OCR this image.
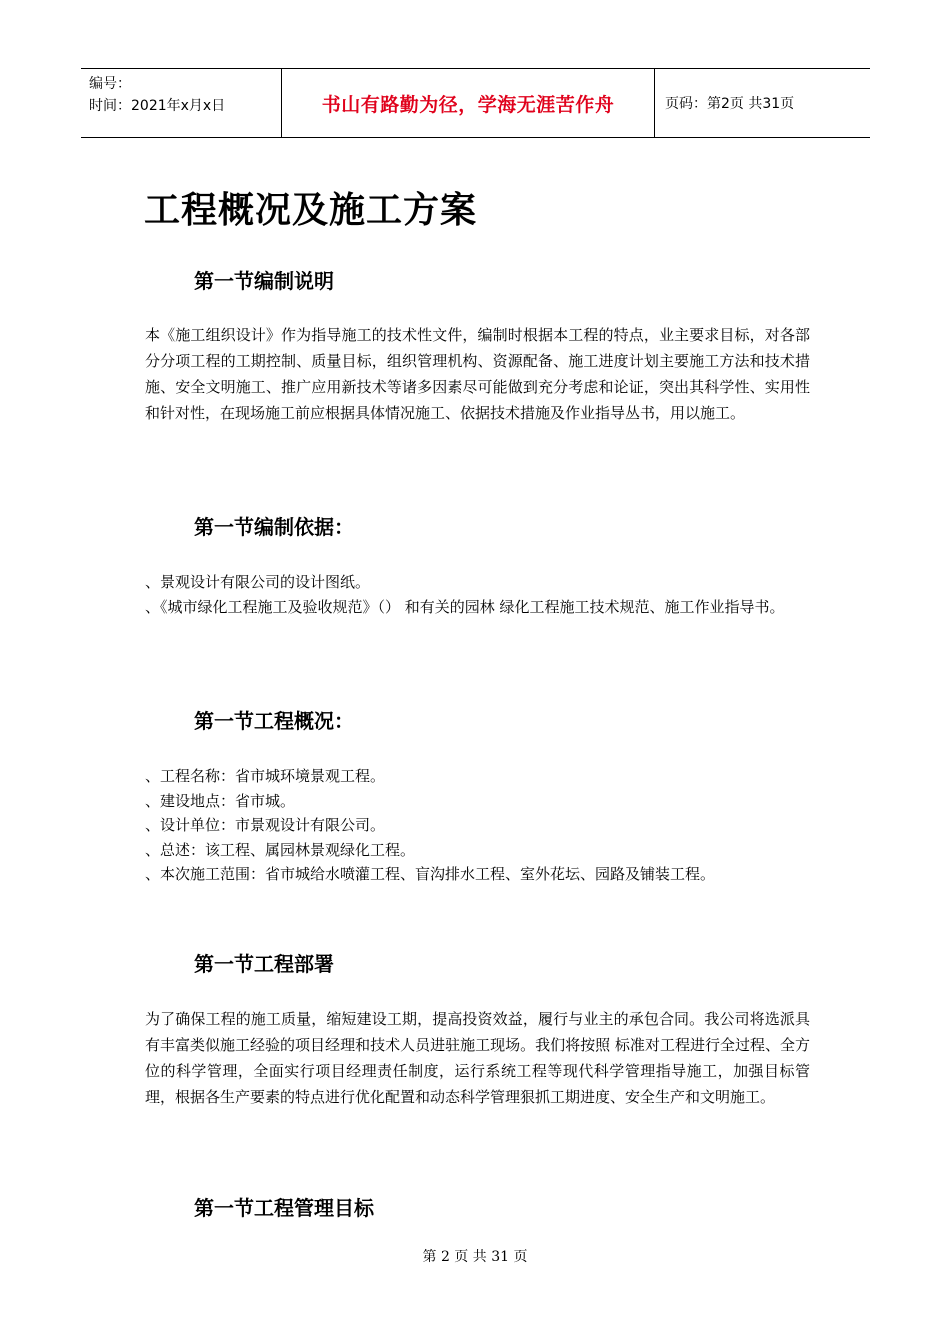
编号：
时间：2021年x月x日	书山有路勤为径，学海无涯苦作舟	页码：第2页 共31页
工程概况及施工方案
第一节编制说明

本《施工组织设计》作为指导施工的技术性文件，编制时根据本工程的特点，业主要求目标，对各部分分项工程的工期控制、质量目标，组织管理机构、资源配备、施工进度计划主要施工方法和技术措施、安全文明施工、推广应用新技术等诸多因素尽可能做到充分考虑和论证，突出其科学性、实用性和针对性，在现场施工前应根据具体情况施工、依据技术措施及作业指导丛书，用以施工。

第一节编制依据：
、景观设计有限公司的设计图纸。
、《城市绿化工程施工及验收规范》（） 和有关的园林 绿化工程施工技术规范、施工作业指导书。
第一节工程概况：
、工程名称：省市城环境景观工程。
、建设地点：省市城。
、设计单位：市景观设计有限公司。
、总述：该工程、属园林景观绿化工程。
、本次施工范围：省市城给水喷灌工程、盲沟排水工程、室外花坛、园路及铺装工程。
第一节工程部署

为了确保工程的施工质量，缩短建设工期，提高投资效益，履行与业主的承包合同。我公司将选派具有丰富类似施工经验的项目经理和技术人员进驻施工现场。我们将按照 标准对工程进行全过程、全方位的科学管理，全面实行项目经理责任制度，运行系统工程等现代科学管理指导施工，加强目标管理，根据各生产要素的特点进行优化配置和动态科学管理狠抓工期进度、安全生产和文明施工。

第一节工程管理目标
第 2 页 共 31 页
